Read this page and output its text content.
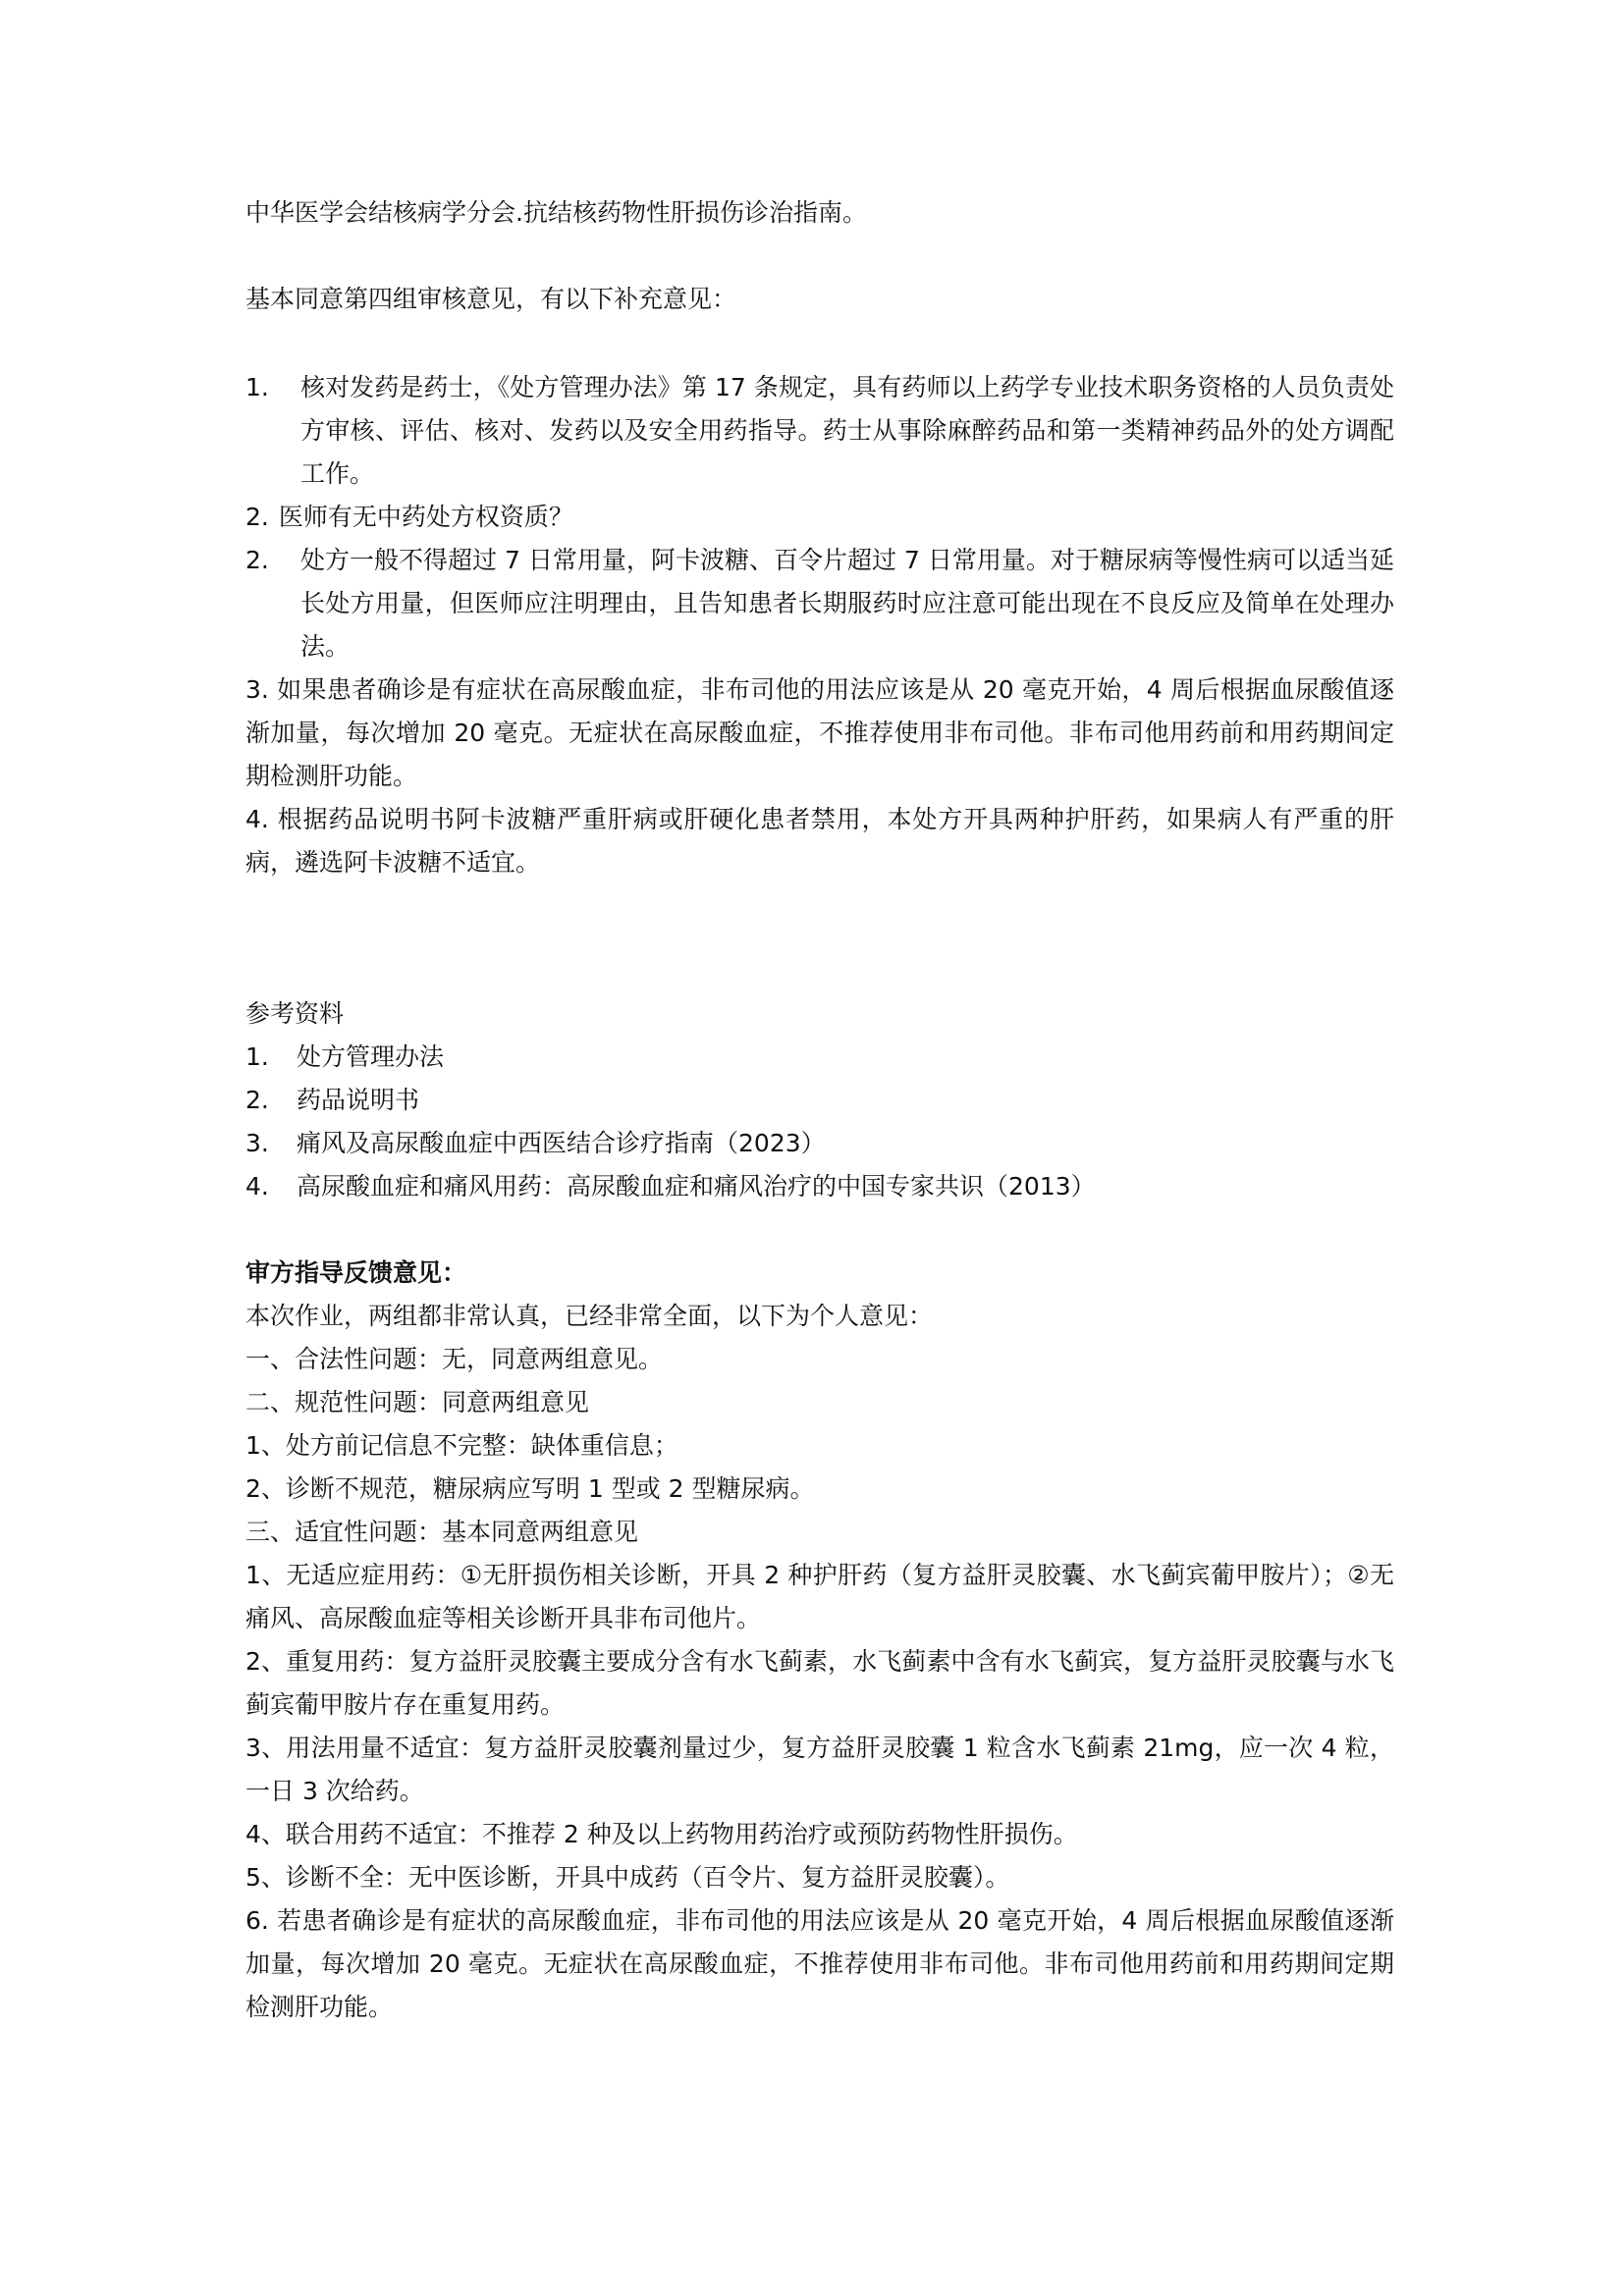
中华医学会结核病学分会.抗结核药物性肝损伤诊治指南。
基本同意第四组审核意见，有以下补充意见：
1. 核对发药是药士，《处方管理办法》第 17 条规定，具有药师以上药学专业技术职务资格的人员负责处方审核、评估、核对、发药以及安全用药指导。药士从事除麻醉药品和第一类精神药品外的处方调配工作。
2. 医师有无中药处方权资质？
2. 处方一般不得超过 7 日常用量，阿卡波糖、百令片超过 7 日常用量。对于糖尿病等慢性病可以适当延长处方用量，但医师应注明理由，且告知患者长期服药时应注意可能出现在不良反应及简单在处理办法。
3. 如果患者确诊是有症状在高尿酸血症，非布司他的用法应该是从 20 毫克开始，4 周后根据血尿酸值逐渐加量，每次增加 20 毫克。无症状在高尿酸血症，不推荐使用非布司他。非布司他用药前和用药期间定期检测肝功能。
4. 根据药品说明书阿卡波糖严重肝病或肝硬化患者禁用，本处方开具两种护肝药，如果病人有严重的肝病，遴选阿卡波糖不适宜。
参考资料
1. 处方管理办法
2. 药品说明书
3. 痛风及高尿酸血症中西医结合诊疗指南（2023）
4. 高尿酸血症和痛风用药：高尿酸血症和痛风治疗的中国专家共识（2013）
审方指导反馈意见：
本次作业，两组都非常认真，已经非常全面，以下为个人意见：
一、合法性问题：无，同意两组意见。
二、规范性问题：同意两组意见
1、处方前记信息不完整：缺体重信息；
2、诊断不规范，糖尿病应写明 1 型或 2 型糖尿病。
三、适宜性问题：基本同意两组意见
1、无适应症用药：①无肝损伤相关诊断，开具 2 种护肝药（复方益肝灵胶囊、水飞蓟宾葡甲胺片）；②无痛风、高尿酸血症等相关诊断开具非布司他片。
2、重复用药：复方益肝灵胶囊主要成分含有水飞蓟素，水飞蓟素中含有水飞蓟宾，复方益肝灵胶囊与水飞蓟宾葡甲胺片存在重复用药。
3、用法用量不适宜：复方益肝灵胶囊剂量过少，复方益肝灵胶囊 1 粒含水飞蓟素 21mg，应一次 4 粒，一日 3 次给药。
4、联合用药不适宜：不推荐 2 种及以上药物用药治疗或预防药物性肝损伤。
5、诊断不全：无中医诊断，开具中成药（百令片、复方益肝灵胶囊）。
6. 若患者确诊是有症状的高尿酸血症，非布司他的用法应该是从 20 毫克开始，4 周后根据血尿酸值逐渐加量，每次增加 20 毫克。无症状在高尿酸血症，不推荐使用非布司他。非布司他用药前和用药期间定期检测肝功能。
